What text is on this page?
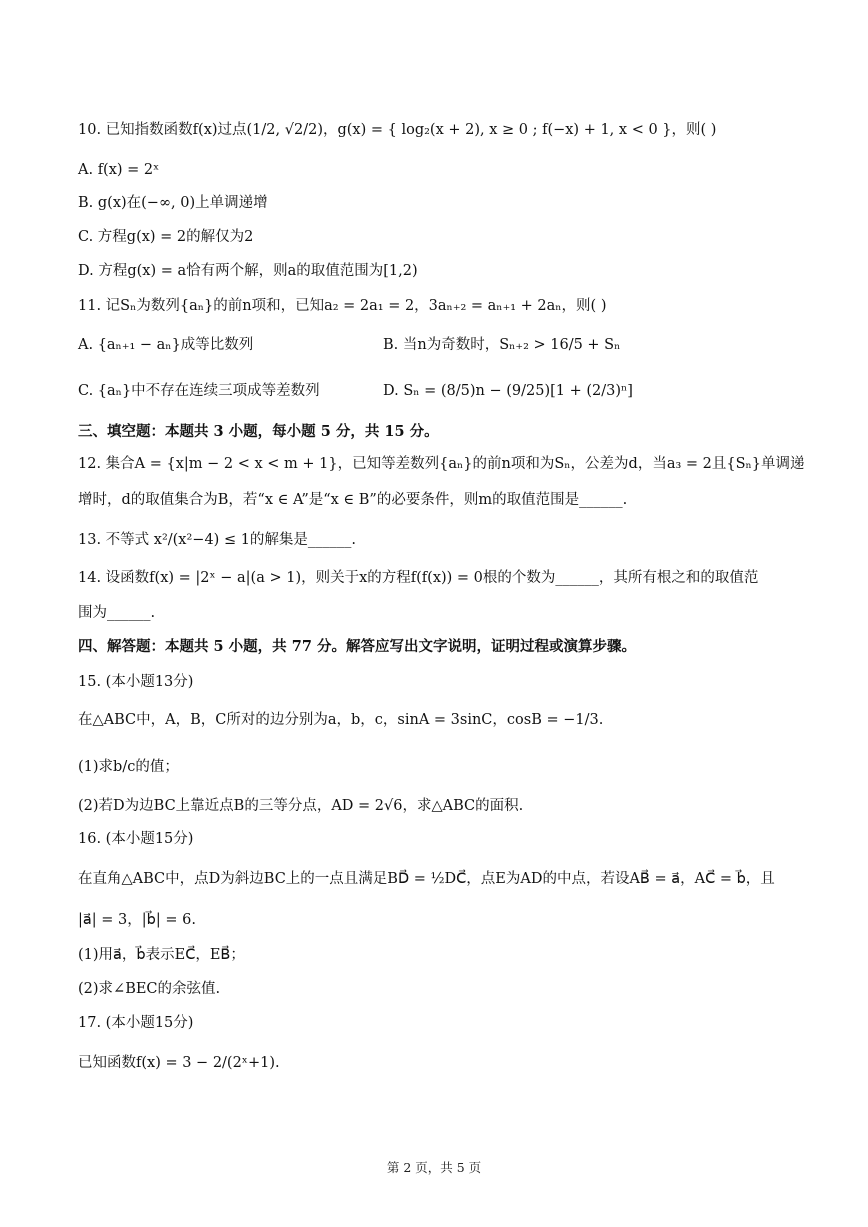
10. 已知指数函数f(x)过点(1/2, √2/2)，g(x) = { log₂(x + 2), x ≥ 0 ; f(−x) + 1, x < 0 }，则( )
A. f(x) = 2ˣ
B. g(x)在(−∞, 0)上单调递增
C. 方程g(x) = 2的解仅为2
D. 方程g(x) = a恰有两个解，则a的取值范围为[1,2)
11. 记Sₙ为数列{aₙ}的前n项和，已知a₂ = 2a₁ = 2，3aₙ₊₂ = aₙ₊₁ + 2aₙ，则( )
A. {aₙ₊₁ − aₙ}成等比数列	B. 当n为奇数时，Sₙ₊₂ > 16/5 + Sₙ
C. {aₙ}中不存在连续三项成等差数列	D. Sₙ = (8/5)n − (9/25)[1 + (2/3)ⁿ]
三、填空题：本题共 3 小题，每小题 5 分，共 15 分。
12. 集合A = {x|m − 2 < x < m + 1}，已知等差数列{aₙ}的前n项和为Sₙ，公差为d，当a₃ = 2且{Sₙ}单调递
增时，d的取值集合为B，若“x ∈ A”是“x ∈ B”的必要条件，则m的取值范围是______.
13. 不等式 x²/(x²−4) ≤ 1的解集是______.
14. 设函数f(x) = |2ˣ − a|(a > 1)，则关于x的方程f(f(x)) = 0根的个数为______，其所有根之和的取值范
围为______.
四、解答题：本题共 5 小题，共 77 分。解答应写出文字说明，证明过程或演算步骤。
15. (本小题13分)
在△ABC中，A，B，C所对的边分别为a，b，c，sinA = 3sinC，cosB = −1/3.
(1)求b/c的值；
(2)若D为边BC上靠近点B的三等分点，AD = 2√6，求△ABC的面积.
16. (本小题15分)
在直角△ABC中，点D为斜边BC上的一点且满足BD⃗ = ½DC⃗，点E为AD的中点，若设AB⃗ = a⃗，AC⃗ = b⃗，且
|a⃗| = 3，|b⃗| = 6.
(1)用a⃗，b⃗表示EC⃗，EB⃗；
(2)求∠BEC的余弦值.
17. (本小题15分)
已知函数f(x) = 3 − 2/(2ˣ+1).
第 2 页，共 5 页
